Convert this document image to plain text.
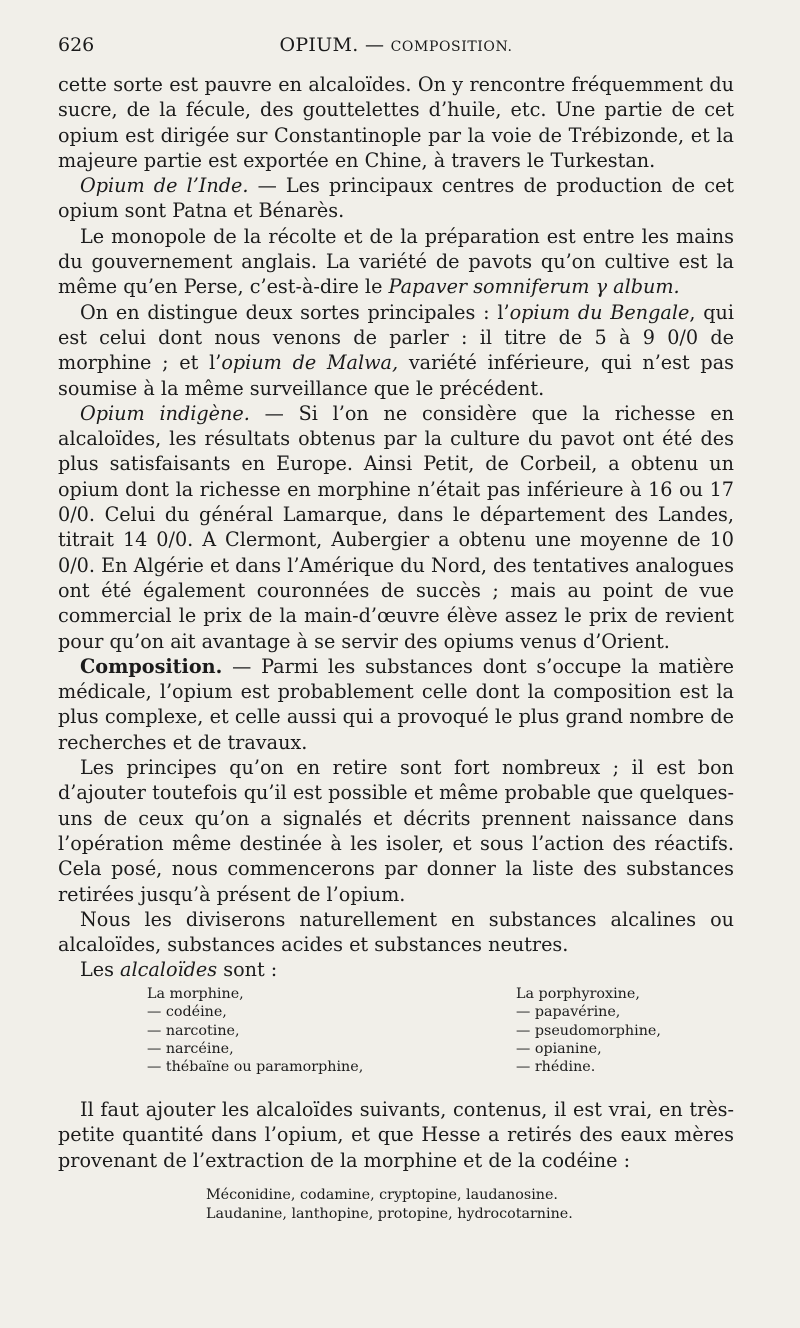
626	OPIUM. — COMPOSITION.

cette sorte est pauvre en alcaloïdes. On y rencontre fréquemment du sucre, de la fécule, des gouttelettes d’huile, etc. Une partie de cet opium est dirigée sur Constantinople par la voie de Trébizonde, et la majeure partie est exportée en Chine, à travers le Turkestan.

Opium de l’Inde. — Les principaux centres de production de cet opium sont Patna et Bénarès.

Le monopole de la récolte et de la préparation est entre les mains du gouvernement anglais. La variété de pavots qu’on cultive est la même qu’en Perse, c’est-à-dire le Papaver somniferum γ album.

On en distingue deux sortes principales : l’opium du Bengale, qui est celui dont nous venons de parler : il titre de 5 à 9 0/0 de morphine ; et l’opium de Malwa, variété inférieure, qui n’est pas soumise à la même surveillance que le précédent.

Opium indigène. — Si l’on ne considère que la richesse en alcaloïdes, les résultats obtenus par la culture du pavot ont été des plus satisfaisants en Europe. Ainsi Petit, de Corbeil, a obtenu un opium dont la richesse en morphine n’était pas inférieure à 16 ou 17 0/0. Celui du général Lamarque, dans le département des Landes, titrait 14 0/0. A Clermont, Aubergier a obtenu une moyenne de 10 0/0. En Algérie et dans l’Amérique du Nord, des tentatives analogues ont été également couronnées de succès ; mais au point de vue commercial le prix de la main-d’œuvre élève assez le prix de revient pour qu’on ait avantage à se servir des opiums venus d’Orient.

Composition. — Parmi les substances dont s’occupe la matière médicale, l’opium est probablement celle dont la composition est la plus complexe, et celle aussi qui a provoqué le plus grand nombre de recherches et de travaux.

Les principes qu’on en retire sont fort nombreux ; il est bon d’ajouter toutefois qu’il est possible et même probable que quelques-uns de ceux qu’on a signalés et décrits prennent naissance dans l’opération même destinée à les isoler, et sous l’action des réactifs. Cela posé, nous commencerons par donner la liste des substances retirées jusqu’à présent de l’opium.

Nous les diviserons naturellement en substances alcalines ou alcaloïdes, substances acides et substances neutres.

Les alcaloïdes sont :

La morphine,
— codéine,
— narcotine,
— narcéine,
— thébaïne ou paramorphine,
La porphyroxine,
— papavérine,
— pseudomorphine,
— opianine,
— rhédine.

Il faut ajouter les alcaloïdes suivants, contenus, il est vrai, en très-petite quantité dans l’opium, et que Hesse a retirés des eaux mères provenant de l’extraction de la morphine et de la codéine :

Méconidine, codamine, cryptopine, laudanosine.
Laudanine, lanthopine, protopine, hydrocotarnine.
